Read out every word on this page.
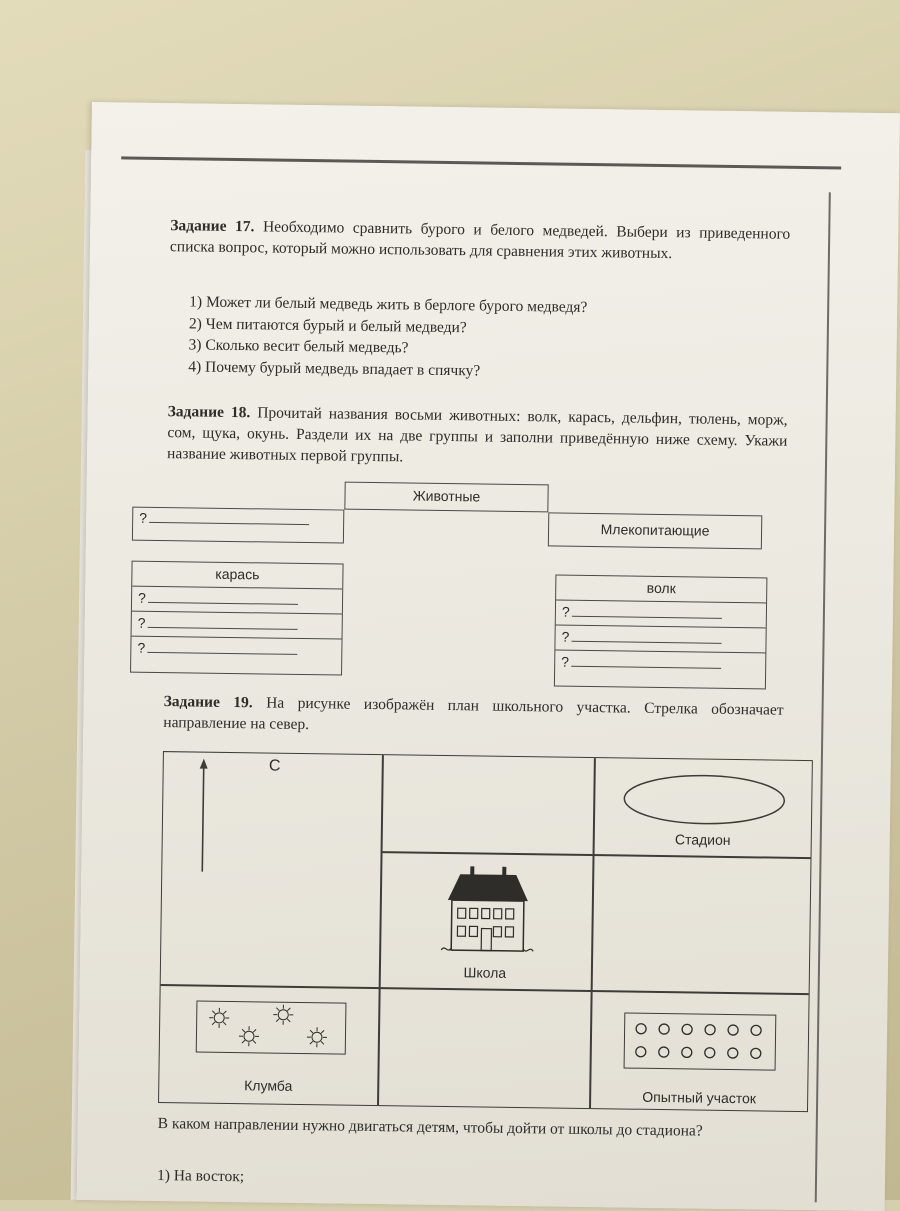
Задание 17. Необходимо сравнить бурого и белого медведей. Выбери из приведенного списка вопрос, который можно использовать для сравнения этих животных.
1) Может ли белый медведь жить в берлоге бурого медведя?
2) Чем питаются бурый и белый медведи?
3) Сколько весит белый медведь?
4) Почему бурый медведь впадает в спячку?
Задание 18. Прочитай названия восьми животных: волк, карась, дельфин, тюлень, морж, сом, щука, окунь. Раздели их на две группы и заполни приведённую ниже схему. Укажи название животных первой группы.
Животные
?
Млекопитающие
карась
?
?
?
волк
?
?
?
Задание 19. На рисунке изображён план школьного участка. Стрелка обозначает направление на север.
С
Стадион
Школа
Клумба
Опытный участок
В каком направлении нужно двигаться детям, чтобы дойти от школы до стадиона?
1) На восток;
